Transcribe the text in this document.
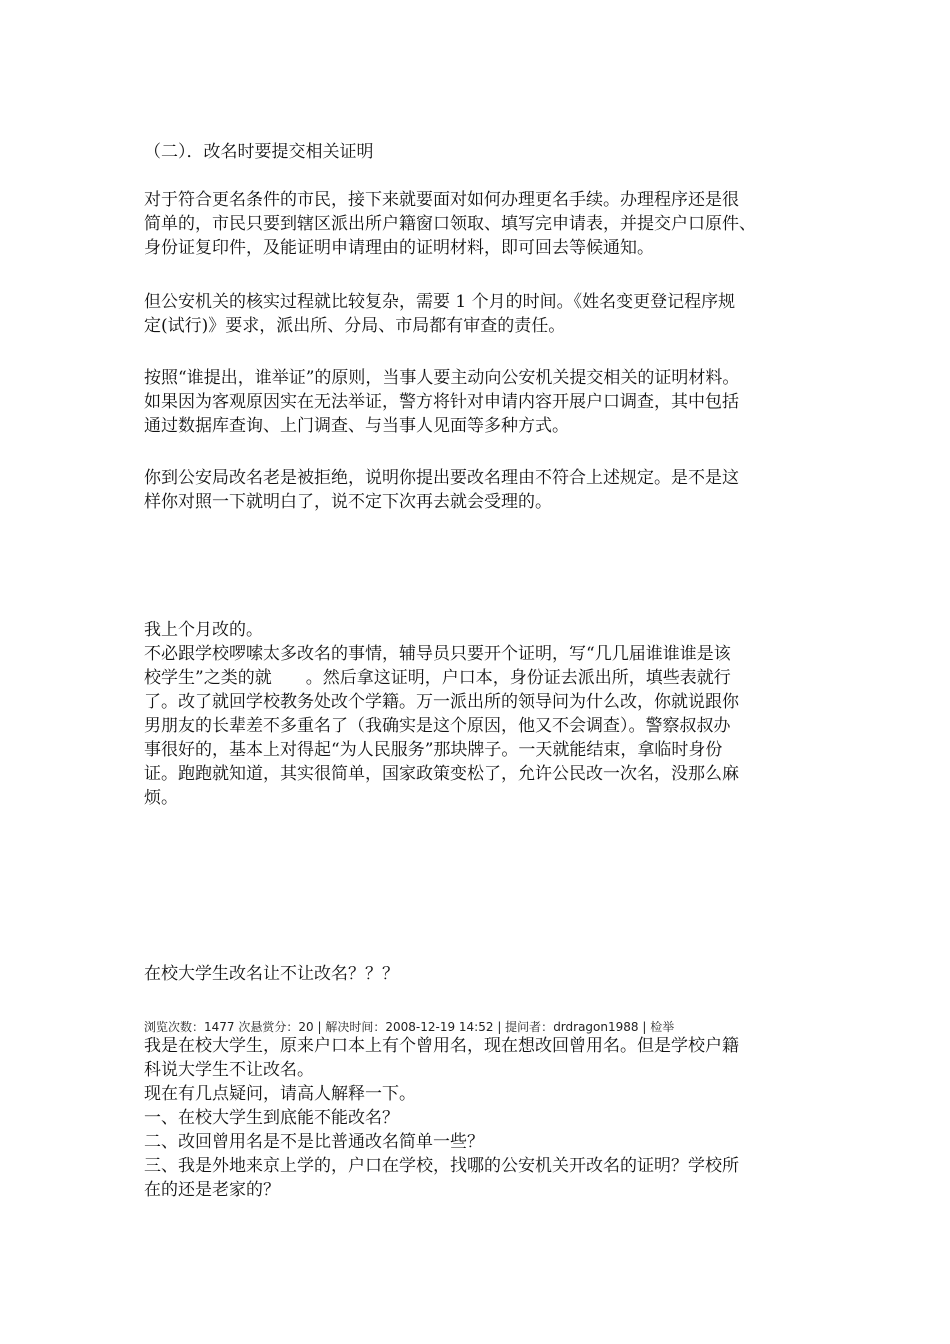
（二）．改名时要提交相关证明

对于符合更名条件的市民，接下来就要面对如何办理更名手续。办理程序还是很
简单的，市民只要到辖区派出所户籍窗口领取、填写完申请表，并提交户口原件、
身份证复印件，及能证明申请理由的证明材料，即可回去等候通知。

但公安机关的核实过程就比较复杂，需要 1 个月的时间。《姓名变更登记程序规
定(试行)》要求，派出所、分局、市局都有审查的责任。

按照“谁提出，谁举证”的原则，当事人要主动向公安机关提交相关的证明材料。
如果因为客观原因实在无法举证，警方将针对申请内容开展户口调查，其中包括
通过数据库查询、上门调查、与当事人见面等多种方式。

你到公安局改名老是被拒绝，说明你提出要改名理由不符合上述规定。是不是这
样你对照一下就明白了，说不定下次再去就会受理的。

我上个月改的。
不必跟学校啰嗦太多改名的事情，辅导员只要开个证明，写“几几届谁谁谁是该
校学生”之类的就　　。然后拿这证明，户口本，身份证去派出所，填些表就行
了。改了就回学校教务处改个学籍。万一派出所的领导问为什么改，你就说跟你
男朋友的长辈差不多重名了（我确实是这个原因，他又不会调查）。警察叔叔办
事很好的，基本上对得起“为人民服务”那块牌子。一天就能结束，拿临时身份
证。跑跑就知道，其实很简单，国家政策变松了，允许公民改一次名，没那么麻
烦。

在校大学生改名让不让改名？？？

浏览次数：1477 次悬赏分：20 | 解决时间：2008-12-19 14:52 | 提问者：drdragon1988 | 检举

我是在校大学生，原来户口本上有个曾用名，现在想改回曾用名。但是学校户籍
科说大学生不让改名。
现在有几点疑问，请高人解释一下。
一、在校大学生到底能不能改名？
二、改回曾用名是不是比普通改名简单一些？
三、我是外地来京上学的，户口在学校，找哪的公安机关开改名的证明？学校所
在的还是老家的？
